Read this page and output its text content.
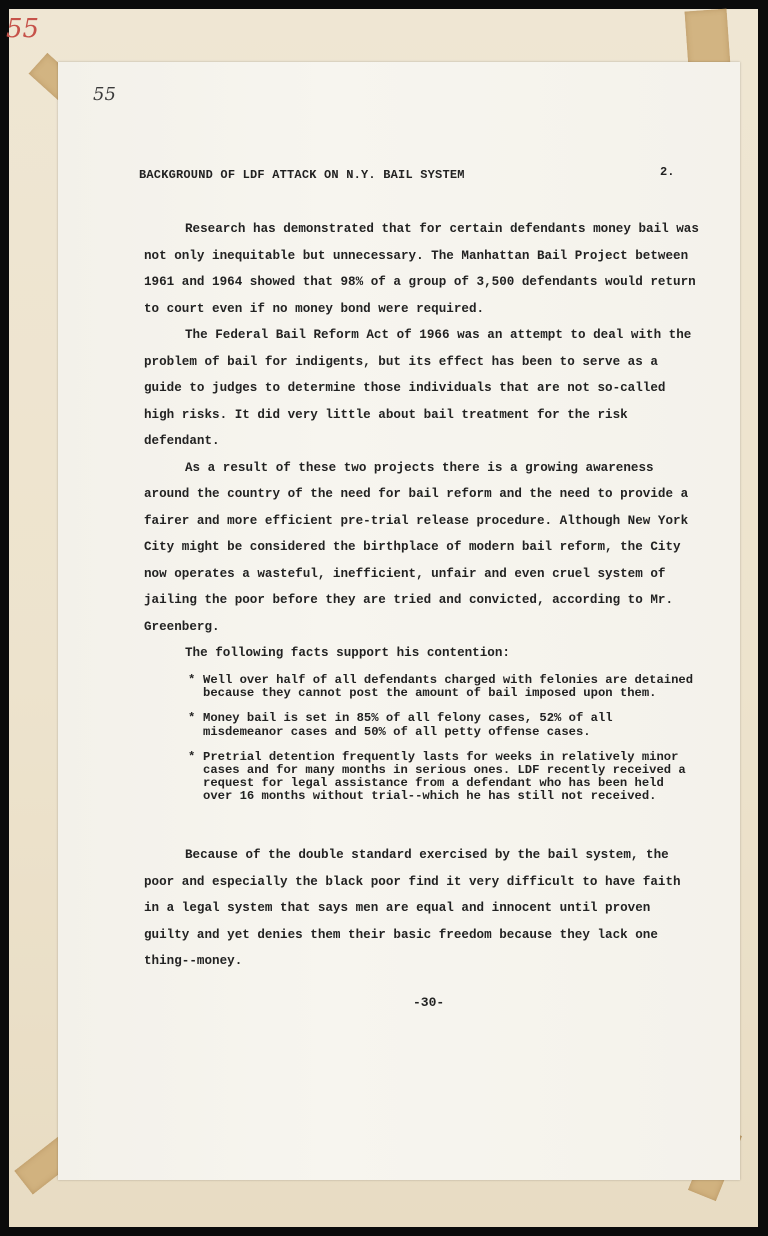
55
55
BACKGROUND OF LDF ATTACK ON N.Y. BAIL SYSTEM	2.

Research has demonstrated that for certain defendants money bail was not only inequitable but unnecessary. The Manhattan Bail Project between 1961 and 1964 showed that 98% of a group of 3,500 defendants would return to court even if no money bond were required.

The Federal Bail Reform Act of 1966 was an attempt to deal with the problem of bail for indigents, but its effect has been to serve as a guide to judges to determine those individuals that are not so-called high risks. It did very little about bail treatment for the risk defendant.

As a result of these two projects there is a growing awareness around the country of the need for bail reform and the need to provide a fairer and more efficient pre-trial release procedure. Although New York City might be considered the birthplace of modern bail reform, the City now operates a wasteful, inefficient, unfair and even cruel system of jailing the poor before they are tried and convicted, according to Mr. Greenberg.

The following facts support his contention:

* Well over half of all defendants charged with felonies are detained because they cannot post the amount of bail imposed upon them.
* Money bail is set in 85% of all felony cases, 52% of all misdemeanor cases and 50% of all petty offense cases.
* Pretrial detention frequently lasts for weeks in relatively minor cases and for many months in serious ones. LDF recently received a request for legal assistance from a defendant who has been held over 16 months without trial--which he has still not received.

Because of the double standard exercised by the bail system, the poor and especially the black poor find it very difficult to have faith in a legal system that says men are equal and innocent until proven guilty and yet denies them their basic freedom because they lack one thing--money.

-30-
